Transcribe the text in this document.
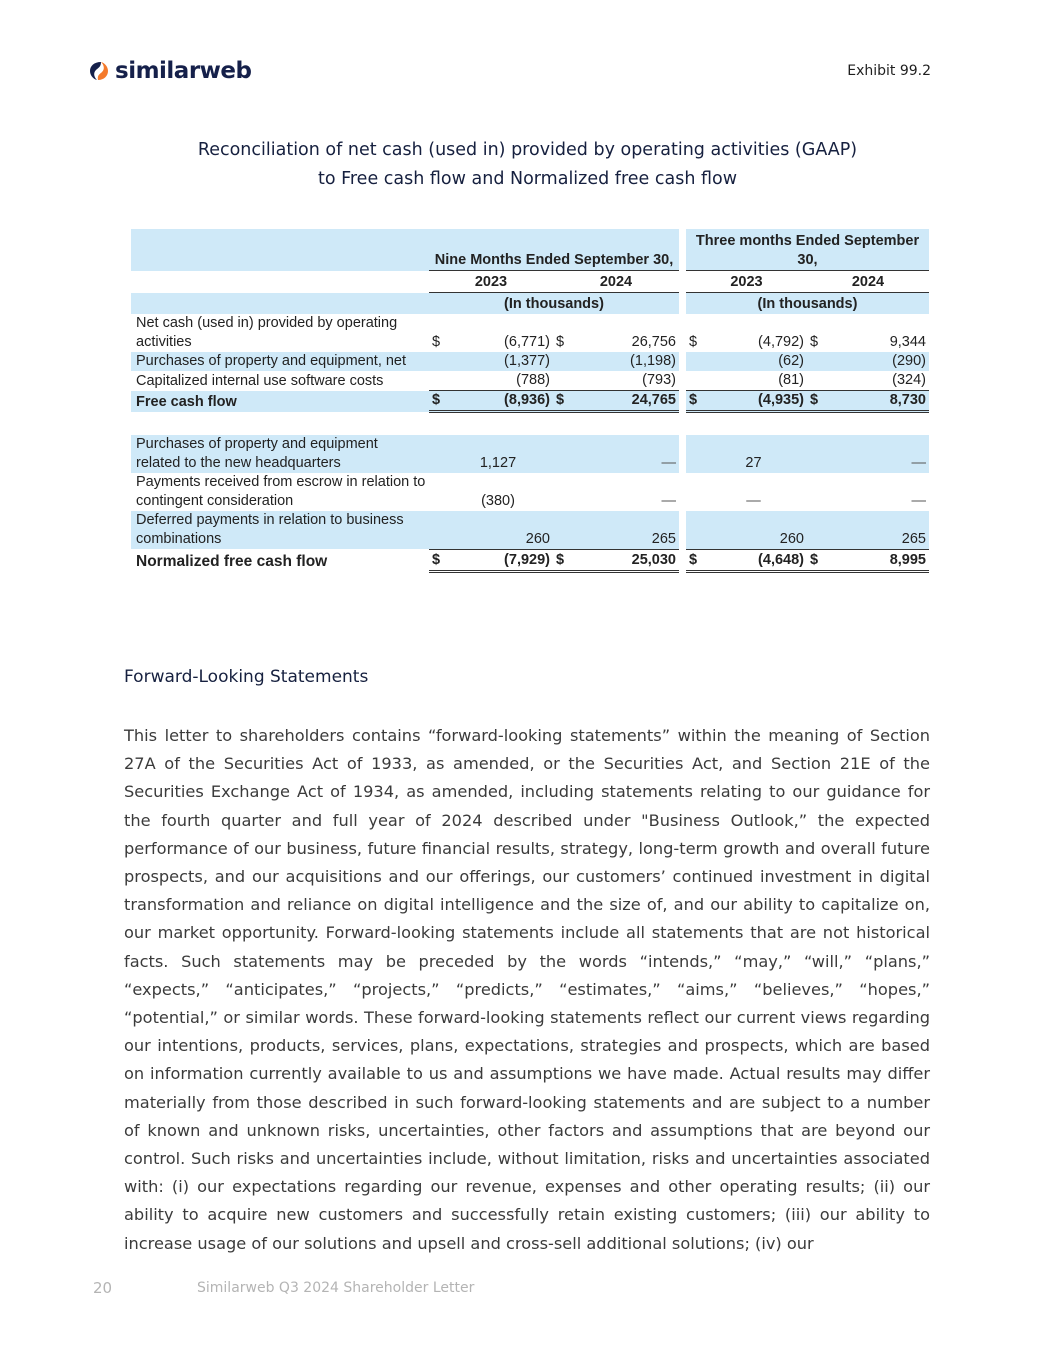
similarweb	Exhibit 99.2
Reconciliation of net cash (used in) provided by operating activities (GAAP)
to Free cash flow and Normalized free cash flow
	Nine Months Ended September 30,					Three months Ended September 30,			
	2023		2024			2023		2024	
	(In thousands)					(In thousands)			
Net cash (used in) provided by operating activities	$	(6,771)	$	26,756		$	(4,792)	$	9,344
Purchases of property and equipment, net		(1,377)		(1,198)			(62)		(290)
Capitalized internal use software costs		(788)		(793)			(81)		(324)
Free cash flow	$	(8,936)	$	24,765		$	(4,935)	$	8,730

Purchases of property and equipment related to the new headquarters		1,127		—			27		—
Payments received from escrow in relation to contingent consideration		(380)		—			—		—
Deferred payments in relation to business combinations		260		265			260		265
Normalized free cash flow	$	(7,929)	$	25,030		$	(4,648)	$	8,995
Forward-Looking Statements

This letter to shareholders contains “forward-looking statements” within the meaning of Section 27A of the Securities Act of 1933, as amended, or the Securities Act, and Section 21E of the Securities Exchange Act of 1934, as amended, including statements relating to our guidance for the fourth quarter and full year of 2024 described under "Business Outlook,” the expected performance of our business, future financial results, strategy, long-term growth and overall future prospects, and our acquisitions and our offerings, our customers’ continued investment in digital transformation and reliance on digital intelligence and the size of, and our ability to capitalize on, our market opportunity. Forward-looking statements include all statements that are not historical facts. Such statements may be preceded by the words “intends,” “may,” “will,” “plans,” “expects,” “anticipates,” “projects,” “predicts,” “estimates,” “aims,” “believes,” “hopes,” “potential,” or similar words. These forward-looking statements reflect our current views regarding our intentions, products, services, plans, expectations, strategies and prospects, which are based on information currently available to us and assumptions we have made. Actual results may differ materially from those described in such forward-looking statements and are subject to a number of known and unknown risks, uncertainties, other factors and assumptions that are beyond our control. Such risks and uncertainties include, without limitation, risks and uncertainties associated with: (i) our expectations regarding our revenue, expenses and other operating results; (ii) our ability to acquire new customers and successfully retain existing customers; (iii) our ability to increase usage of our solutions and upsell and cross-sell additional solutions; (iv) our

20	Similarweb Q3 2024 Shareholder Letter
